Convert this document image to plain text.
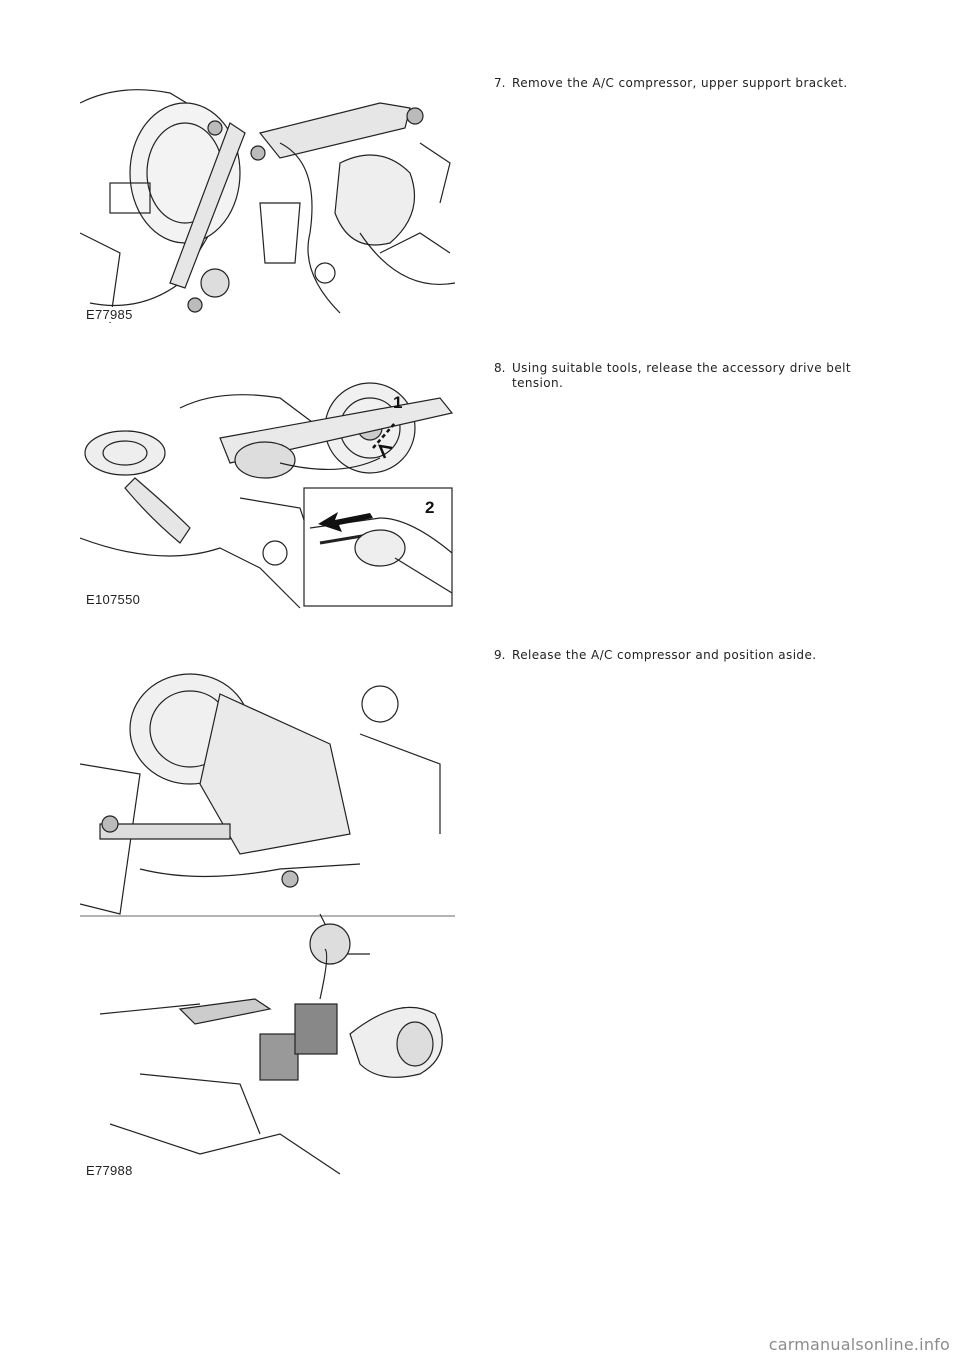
E77985
7. Remove the A/C compressor, upper support bracket.
1
2
E107550
8. Using suitable tools, release the accessory drive belt tension.
E77988
9. Release the A/C compressor and position aside.
carmanualsonline.info
